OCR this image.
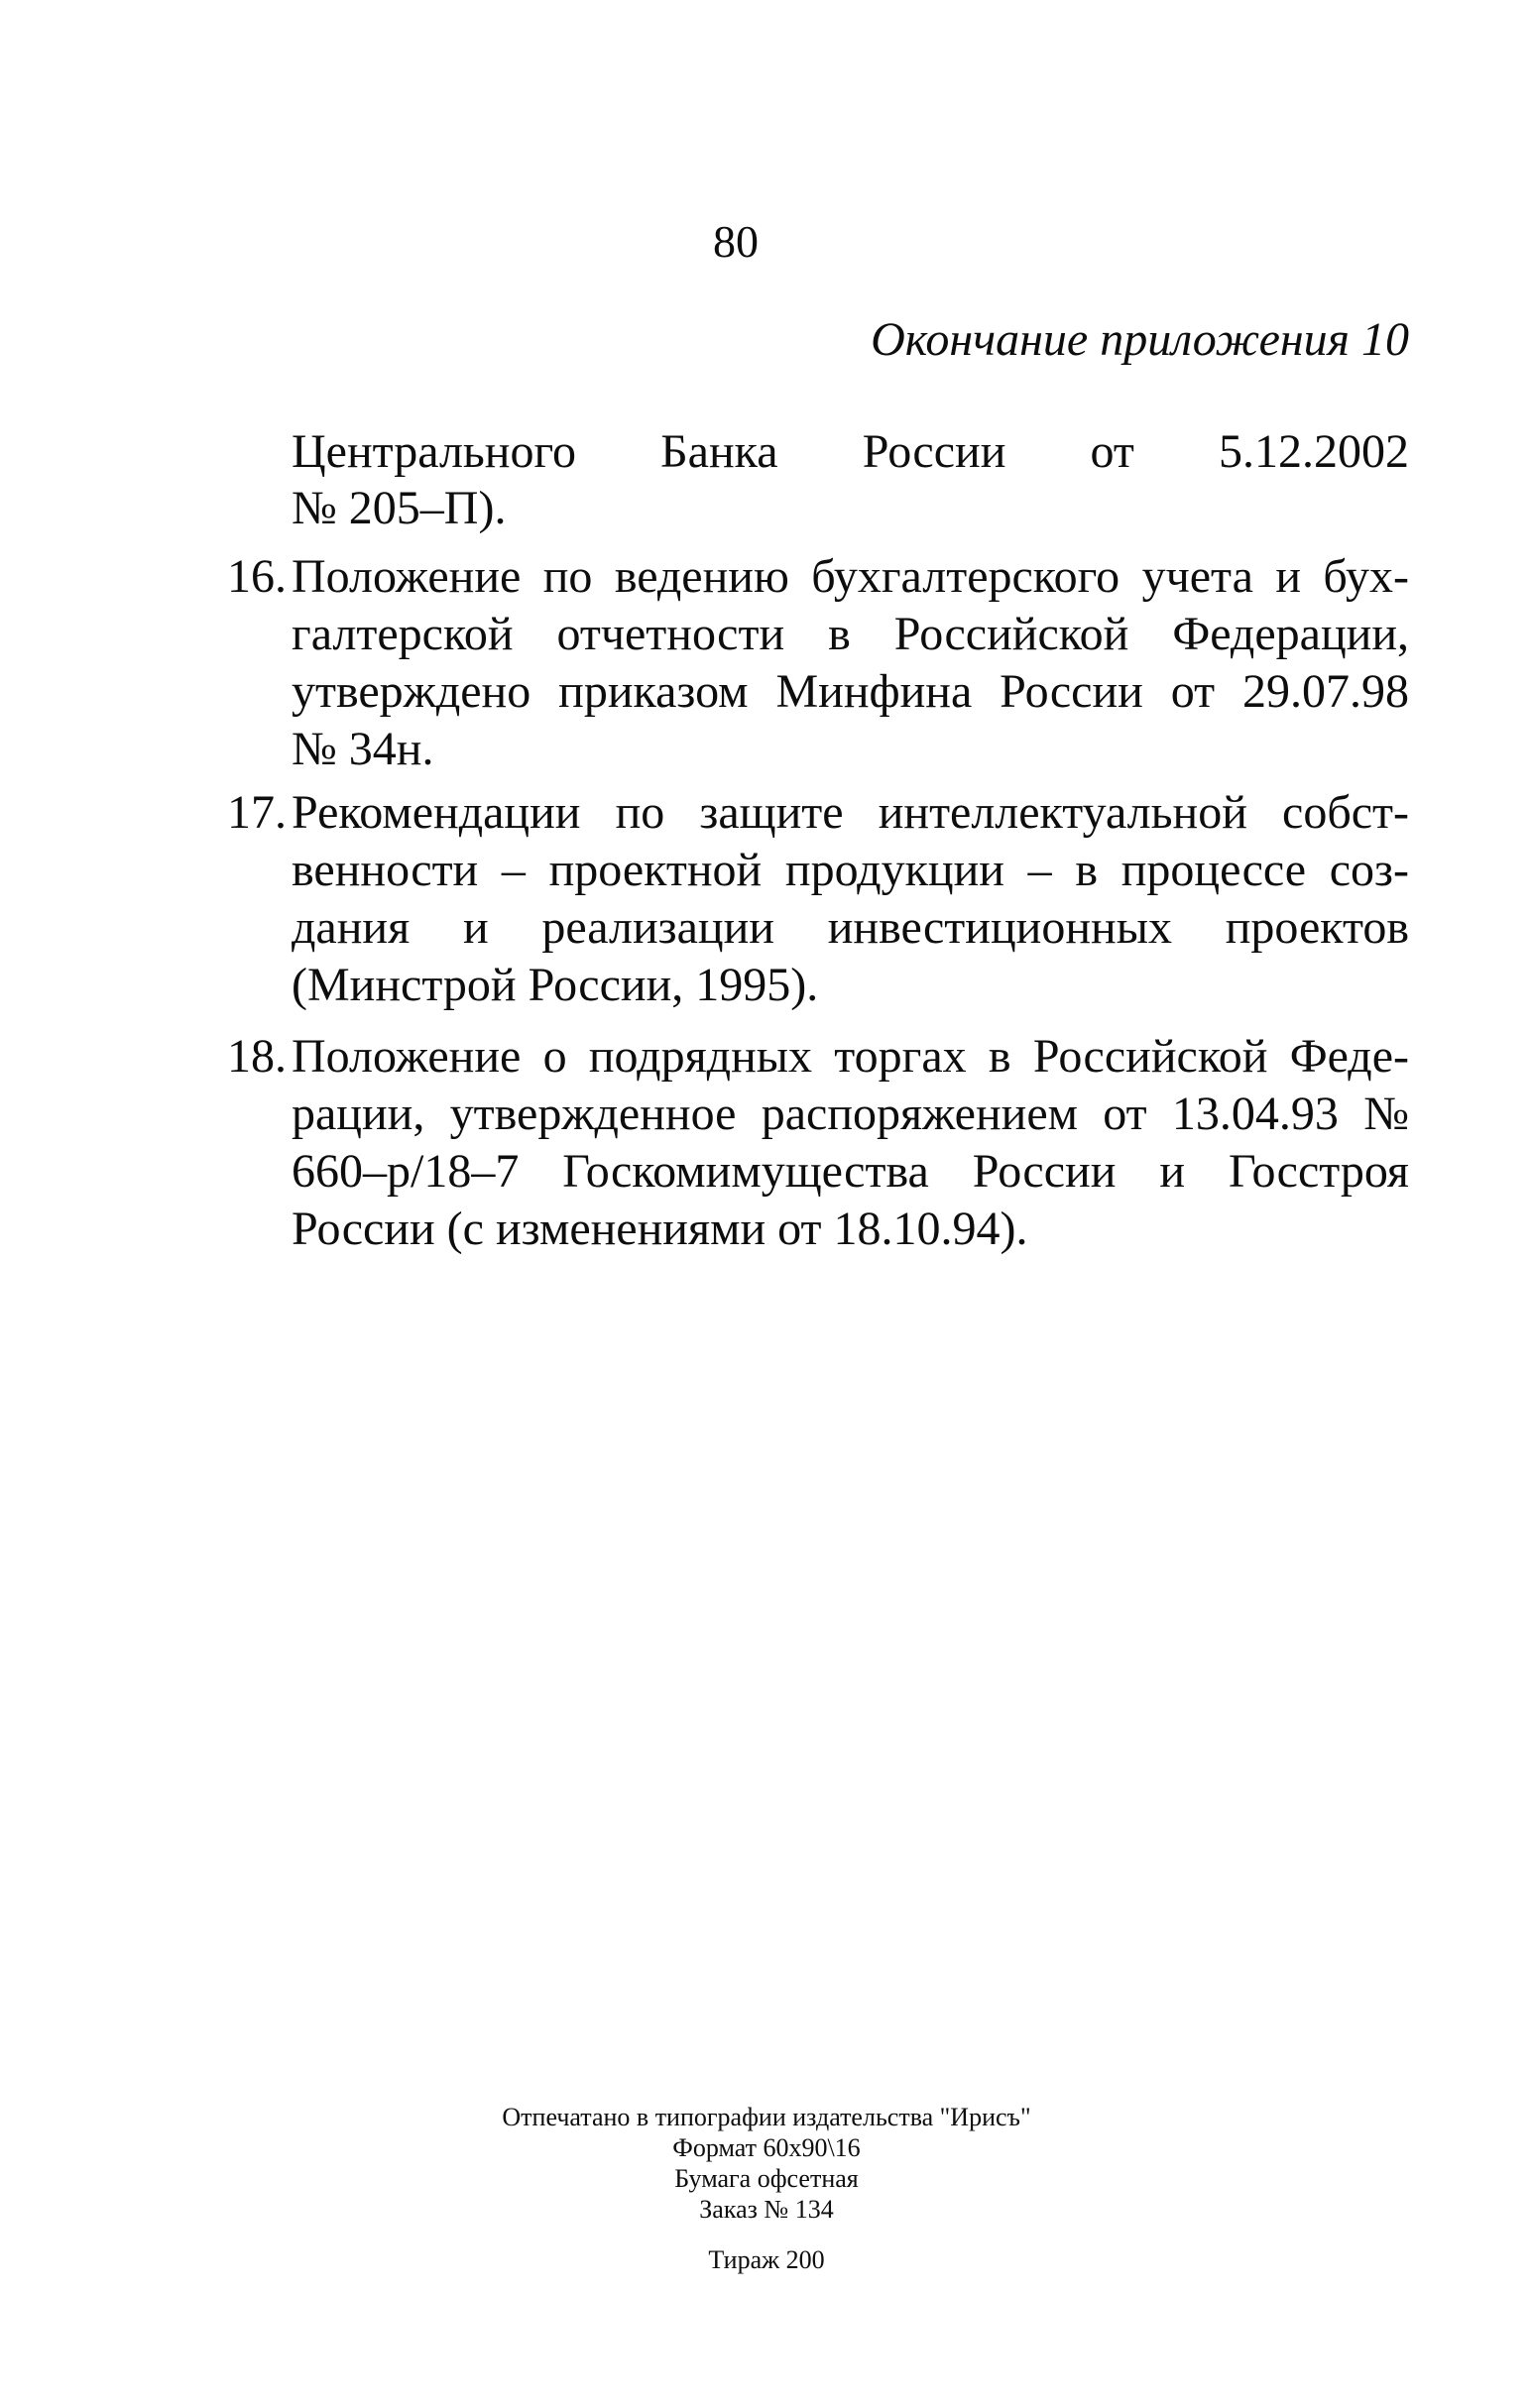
80
Окончание приложения 10
Центрального Банка России от 5.12.2002
№ 205–П).
16. Положение по ведению бухгалтерского учета и бух-
галтерской отчетности в Российской Федерации,
утверждено приказом Минфина России от 29.07.98
№ 34н.
17. Рекомендации по защите интеллектуальной собст-
венности – проектной продукции – в процессе соз-
дания и реализации инвестиционных проектов
(Минстрой России, 1995).
18. Положение о подрядных торгах в Российской Феде-
рации, утвержденное распоряжением от 13.04.93 №
660–р/18–7 Госкомимущества России и Госстроя
России (с изменениями от 18.10.94).
Отпечатано в типографии издательства "Ирисъ"
Формат 60x90\16
Бумага офсетная
Заказ № 134
Тираж 200
